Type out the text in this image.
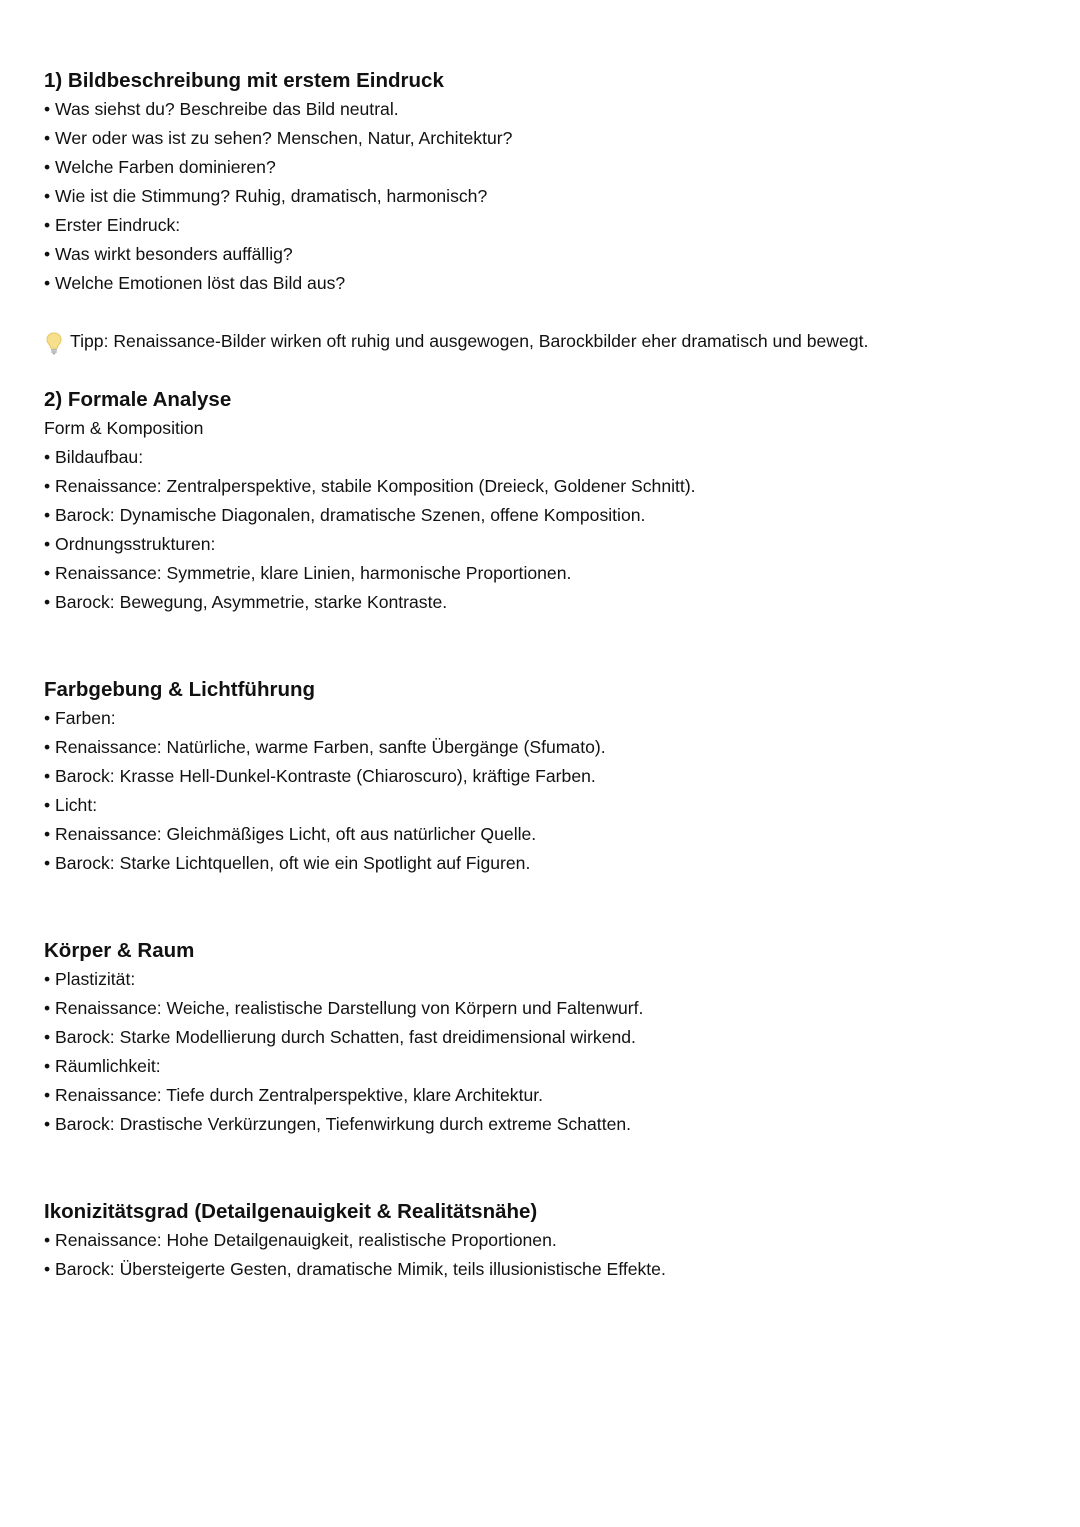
1) Bildbeschreibung mit erstem Eindruck
• Was siehst du? Beschreibe das Bild neutral.
• Wer oder was ist zu sehen? Menschen, Natur, Architektur?
• Welche Farben dominieren?
• Wie ist die Stimmung? Ruhig, dramatisch, harmonisch?
• Erster Eindruck:
• Was wirkt besonders auffällig?
• Welche Emotionen löst das Bild aus?
Tipp: Renaissance-Bilder wirken oft ruhig und ausgewogen, Barockbilder eher dramatisch und bewegt.
2) Formale Analyse
Form & Komposition
• Bildaufbau:
• Renaissance: Zentralperspektive, stabile Komposition (Dreieck, Goldener Schnitt).
• Barock: Dynamische Diagonalen, dramatische Szenen, offene Komposition.
• Ordnungsstrukturen:
• Renaissance: Symmetrie, klare Linien, harmonische Proportionen.
• Barock: Bewegung, Asymmetrie, starke Kontraste.
Farbgebung & Lichtführung
• Farben:
• Renaissance: Natürliche, warme Farben, sanfte Übergänge (Sfumato).
• Barock: Krasse Hell-Dunkel-Kontraste (Chiaroscuro), kräftige Farben.
• Licht:
• Renaissance: Gleichmäßiges Licht, oft aus natürlicher Quelle.
• Barock: Starke Lichtquellen, oft wie ein Spotlight auf Figuren.
Körper & Raum
• Plastizität:
• Renaissance: Weiche, realistische Darstellung von Körpern und Faltenwurf.
• Barock: Starke Modellierung durch Schatten, fast dreidimensional wirkend.
• Räumlichkeit:
• Renaissance: Tiefe durch Zentralperspektive, klare Architektur.
• Barock: Drastische Verkürzungen, Tiefenwirkung durch extreme Schatten.
Ikonizitätsgrad (Detailgenauigkeit & Realitätsnähe)
• Renaissance: Hohe Detailgenauigkeit, realistische Proportionen.
• Barock: Übersteigerte Gesten, dramatische Mimik, teils illusionistische Effekte.
